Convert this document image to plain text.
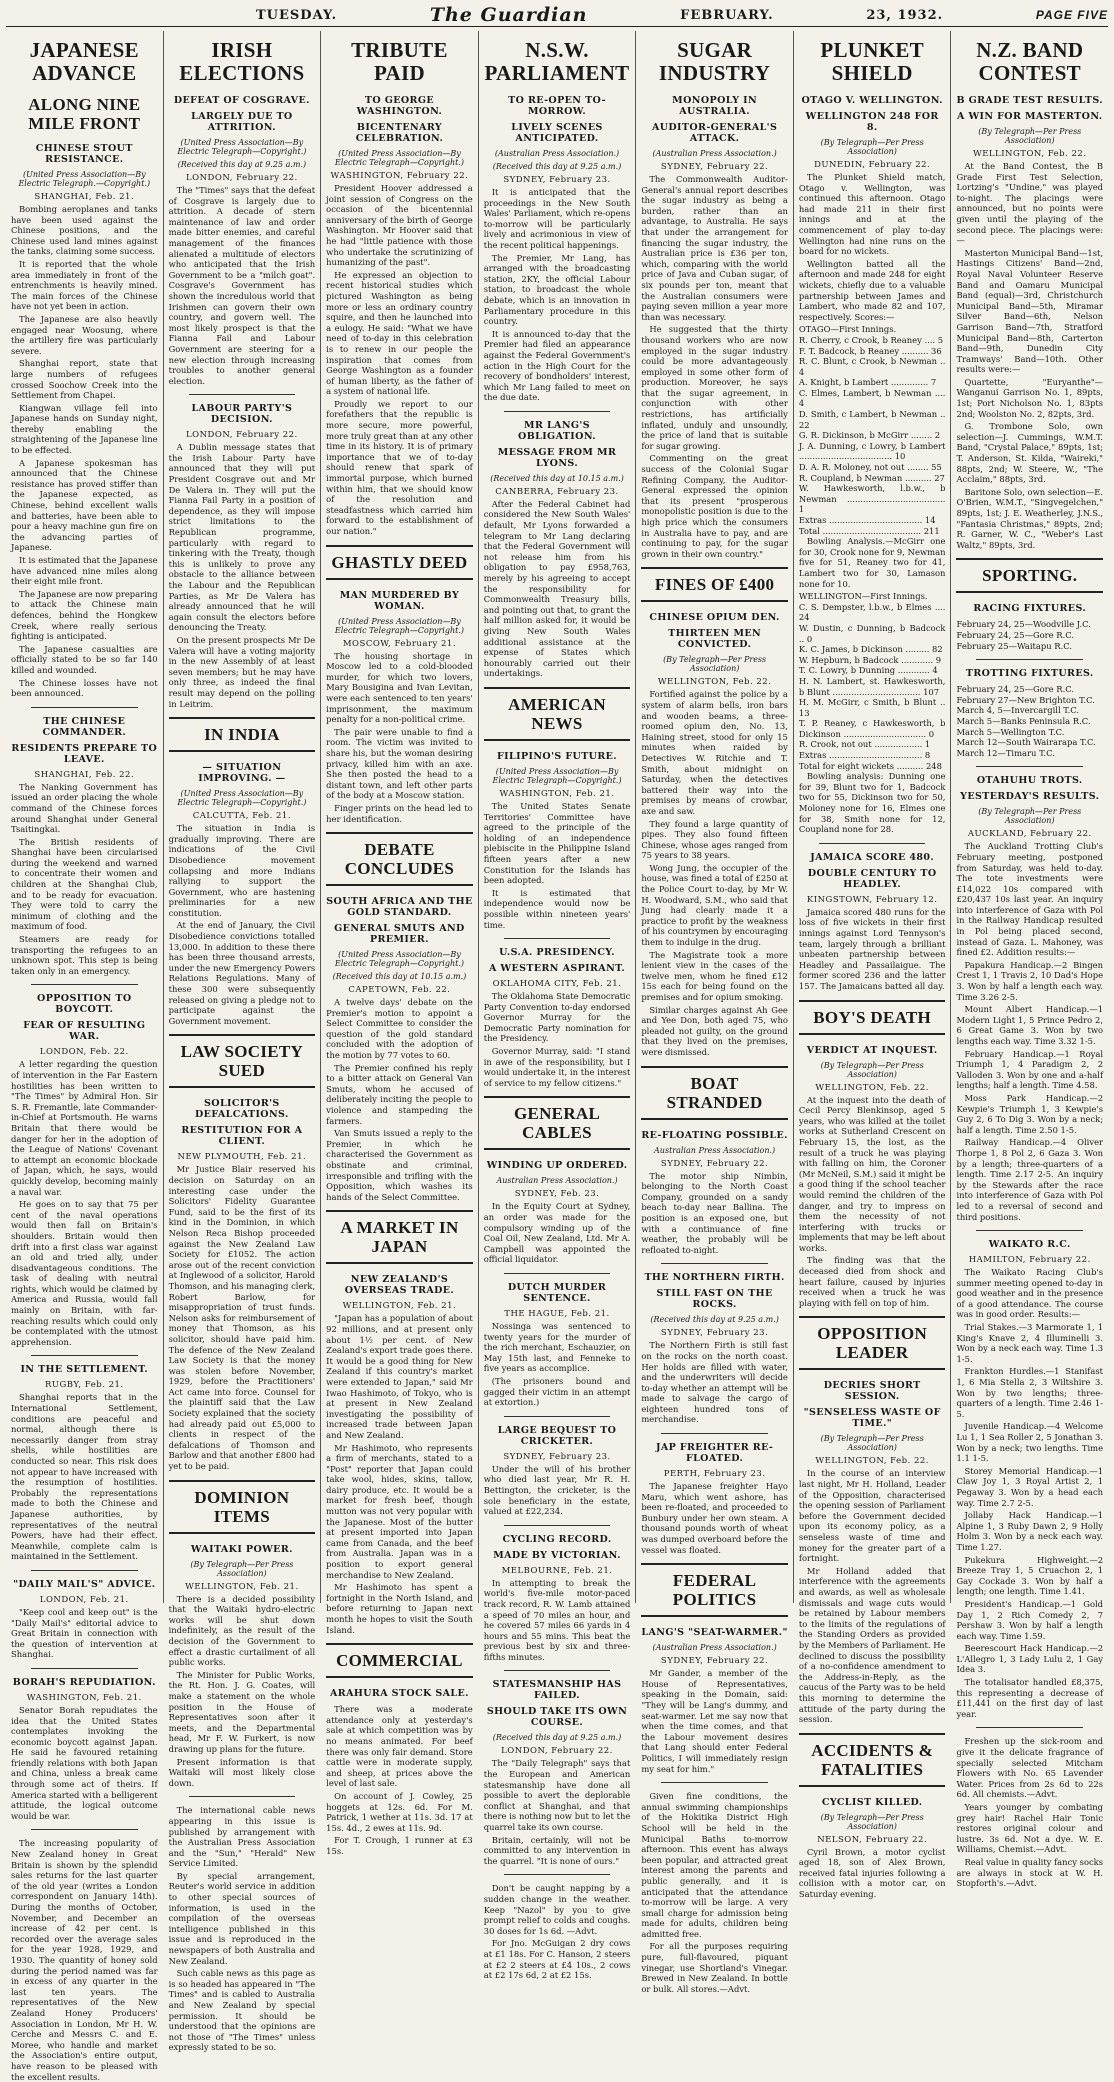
TUESDAY.	The Guardian	FEBRUARY.	23, 1932.	PAGE FIVE
JAPANESE ADVANCE
ALONG NINE MILE FRONT
CHINESE STOUT RESISTANCE.
(United Press Association—By Electric Telegraph.—Copyright.)
SHANGHAI, Feb. 21.
Bombing aeroplanes and tanks have been used against the Chinese positions, and the Chinese used land mines against the tanks, claiming some success.
It is reported that the whole area immediately in front of the entrenchments is heavily mined. The main forces of the Chinese have not yet been in action.
The Japanese are also heavily engaged near Woosung, where the artillery fire was particularly severe.
Shanghai report, state that large numbers of refugees crossed Soochow Creek into the Settlement from Chapei.
Kiangwan village fell into Japanese hands on Sunday night, thereby enabling the straightening of the Japanese line to be effected.
A Japanese spokesman has announced that the Chinese resistance has proved stiffer than the Japanese expected, as Chinese, behind excellent walls and batteries, have been able to pour a heavy machine gun fire on the advancing parties of Japanese.
It is estimated that the Japanese have advanced nine miles along their eight mile front.
The Japanese are now preparing to attack the Chinese main defences, behind the Hongkew Creek, where really serious fighting is anticipated.
The Japanese casualties are officially stated to be so far 140 killed and wounded.
The Chinese losses have not been announced.
THE CHINESE COMMANDER.
RESIDENTS PREPARE TO LEAVE.
SHANGHAI, Feb. 22.
The Nanking Government has issued an order placing the whole command of the Chinese forces around Shanghai under General Tsaitingkai.
The British residents of Shanghai have been circularised during the weekend and warned to concentrate their women and children at the Shanghai Club, and to be ready for evacuation. They were told to carry the minimum of clothing and the maximum of food.
Steamers are ready for transporting the refugees to an unknown spot. This step is being taken only in an emergency.
OPPOSITION TO BOYCOTT.
FEAR OF RESULTING WAR.
LONDON, Feb. 22.
A letter regarding the question of intervention in the Far Eastern hostilities has been written to "The Times" by Admiral Hon. Sir S. R. Fremantle, late Commander-in-Chief at Portsmouth. He warns Britain that there would be danger for her in the adoption of the League of Nations' Covenant to attempt an economic blockade of Japan, which, he says, would quickly develop, becoming mainly a naval war.
He goes on to say that 75 per cent of the naval operations would then fall on Britain's shoulders. Britain would then drift into a first class war against an old and tried ally, under disadvantageous conditions. The task of dealing with neutral rights, which would be claimed by America and Russia, would fall mainly on Britain, with far-reaching results which could only be contemplated with the utmost apprehension.
IN THE SETTLEMENT.
RUGBY, Feb. 21.
Shanghai reports that in the International Settlement, conditions are peaceful and normal, although there is necessarily danger from stray shells, while hostilities are conducted so near. This risk does not appear to have increased with the resumption of hostilities. Probably the representations made to both the Chinese and Japanese authorities, by representatives of the neutral Powers, have had their effect. Meanwhile, complete calm is maintained in the Settlement.
"DAILY MAIL'S" ADVICE.
LONDON, Feb. 21.
"Keep cool and keep out" is the "Daily Mail's" editorial advice to Great Britain in connection with the question of intervention at Shanghai.
BORAH'S REPUDIATION.
WASHINGTON, Feb. 21.
Senator Borah repudiates the idea that the United States contemplates invoking the economic boycott against Japan. He said he favoured retaining friendly relations with both Japan and China, unless a break came through some act of theirs. If America started with a belligerent attitude, the logical outcome would be war.
The increasing popularity of New Zealand honey in Great Britain is shown by the splendid sales returns for the last quarter of the old year (writes a London correspondent on January 14th). During the months of October, November, and December an increase of 42 per cent. is recorded over the average sales for the year 1928, 1929, and 1930. The quantity of honey sold during the period named was far in excess of any quarter in the last ten years. The representatives of the New Zealand Honey Producers' Association in London, Mr H. W. Cerche and Messrs C. and E. Moree, who handle and market the Association's entire output, have reason to be pleased with the excellent results.
IRISH ELECTIONS
DEFEAT OF COSGRAVE.
LARGELY DUE TO ATTRITION.
(United Press Association—By Electric Telegraph—Copyright.)
(Received this day at 9.25 a.m.)
LONDON, February 22.
The "Times" says that the defeat of Cosgrave is largely due to attrition. A decade of stern maintenance of law and order made bitter enemies, and careful management of the finances alienated a multitude of electors who anticipated that the Irish Government to be a "milch goat". Cosgrave's Government has shown the incredulous world that Irishmen can govern their own country, and govern well. The most likely prospect is that the Fianna Fail and Labour Government are steering for a new election through increasing troubles to another general election.
LABOUR PARTY'S DECISION.
LONDON, February 22.
A Dublin message states that the Irish Labour Party have announced that they will put President Cosgrave out and Mr De Valera in. They will put the Fianna Fail Party in a position of dependence, as they will impose strict limitations to the Republican programme, particularly with regard to tinkering with the Treaty, though this is unlikely to prove any obstacle to the alliance between the Labour and the Republican Parties, as Mr De Valera has already announced that he will again consult the electors before denouncing the Treaty.
On the present prospects Mr De Valera will have a voting majority in the new Assembly of at least seven members; but he may have only three, as indeed the final result may depend on the polling in Leitrim.
IN INDIA
— SITUATION IMPROVING. —
(United Press Association—By Electric Telegraph—Copyright.)
CALCUTTA, Feb. 21.
The situation in India is gradually improving. There are indications of the Civil Disobedience movement collapsing and more Indians rallying to support the Government, who are hastening preliminaries for a new constitution.
At the end of January, the Civil Disobedience convictions totalled 13,000. In addition to these there has been three thousand arrests, under the new Emergency Powers Relations Regulations. Many of these 300 were subsequently released on giving a pledge not to participate against the Government movement.
LAW SOCIETY SUED
SOLICITOR'S DEFALCATIONS.
RESTITUTION FOR A CLIENT.
NEW PLYMOUTH, Feb. 21.
Mr Justice Blair reserved his decision on Saturday on an interesting case under the Solicitors' Fidelity Guarantee Fund, said to be the first of its kind in the Dominion, in which Nelson Reca Bishop proceeded against the New Zealand Law Society for £1052. The action arose out of the recent conviction at Inglewood of a solicitor, Harold Thomson, and his managing clerk, Robert Barlow, for misappropriation of trust funds. Nelson asks for reimbursement of money that Thomson, as his solicitor, should have paid him. The defence of the New Zealand Law Society is that the money was stolen before November, 1929, before the Practitioners' Act came into force. Counsel for the plaintiff said that the Law Society explained that the society had already paid out £5,000 to clients in respect of the defalcations of Thomson and Barlow and that another £800 had yet to be paid.
DOMINION ITEMS
WAITAKI POWER.
(By Telegraph—Per Press Association)
WELLINGTON, Feb. 21.
There is a decided possibility that the Waitaki hydro-electric works will be shut down indefinitely, as the result of the decision of the Government to effect a drastic curtailment of all public works.
The Minister for Public Works, the Rt. Hon. J. G. Coates, will make a statement on the whole position in the House of Representatives soon after it meets, and the Departmental head, Mr F. W. Furkert, is now drawing up plans for the future.
Present information is that Waitaki will most likely close down.
The international cable news appearing in this issue is published by arrangement with the Australian Press Association and the "Sun," "Herald" New Service Limited.
By special arrangement, Reuter's world service in addition to other special sources of information, is used in the compilation of the overseas intelligence published in this issue and is reproduced in the newspapers of both Australia and New Zealand.
Such cable news as this page as is so headed has appeared in "The Times" and is cabled to Australia and New Zealand by special permission. It should be understood that the opinions are not those of "The Times" unless expressly stated to be so.
TRIBUTE PAID
TO GEORGE WASHINGTON.
BICENTENARY CELEBRATION.
(United Press Association—By Electric Telegraph—Copyright.)
WASHINGTON, February 22.
President Hoover addressed a joint session of Congress on the occasion of the bicentennial anniversary of the birth of George Washington. Mr Hoover said that he had "little patience with those who undertake the scrutinizing of humanizing of the past".
He expressed an objection to recent historical studies which pictured Washington as being more or less an ordinary country squire, and then he launched into a eulogy. He said: "What we have need of to-day in this celebration is to renew in our people the inspiration that comes from George Washington as a founder of human liberty, as the father of a system of national life.
Proudly we report to our forefathers that the republic is more secure, more powerful, more truly great than at any other time in its history. It is of primary importance that we of to-day should renew that spark of immortal purpose, which burned within him, that we should know of the resolution and steadfastness which carried him forward to the establishment of our nation."
GHASTLY DEED
MAN MURDERED BY WOMAN.
(United Press Association—By Electric Telegraph—Copyright.)
MOSCOW, February 21.
The housing shortage in Moscow led to a cold-blooded murder, for which two lovers, Mary Bousigina and Ivan Levitan, were each sentenced to ten years' imprisonment, the maximum penalty for a non-political crime.
The pair were unable to find a room. The victim was invited to share his, but the woman desiring privacy, killed him with an axe. She then posted the head to a distant town, and left other parts of the body at a Moscow station.
Finger prints on the head led to her identification.
DEBATE CONCLUDES
SOUTH AFRICA AND THE GOLD STANDARD.
GENERAL SMUTS AND PREMIER.
(United Press Association—By Electric Telegraph—Copyright.)
(Received this day at 10.15 a.m.)
CAPETOWN, Feb. 22.
A twelve days' debate on the Premier's motion to appoint a Select Committee to consider the question of the gold standard concluded with the adoption of the motion by 77 votes to 60.
The Premier confined his reply to a bitter attack on General Van Smuts, whom he accused of deliberately inciting the people to violence and stampeding the farmers.
Van Smuts issued a reply to the Premier, in which he characterised the Government as obstinate and criminal, irresponsible and trifling with the Opposition, which washes its hands of the Select Committee.
A MARKET IN JAPAN
NEW ZEALAND'S OVERSEAS TRADE.
WELLINGTON, Feb. 21.
"Japan has a population of about 92 millions, and at present only about 1½ per cent. of New Zealand's export trade goes there. It would be a good thing for New Zealand if this country's market were extended to Japan," said Mr Iwao Hashimoto, of Tokyo, who is at present in New Zealand investigating the possibility of increased trade between Japan and New Zealand.
Mr Hashimoto, who represents a firm of merchants, stated to a "Post" reporter that Japan could take wool, hides, skins, tallow, dairy produce, etc. It would be a market for fresh beef, though mutton was not very popular with the Japanese. Most of the butter at present imported into Japan came from Canada, and the beef from Australia. Japan was in a position to export general merchandise to New Zealand.
Mr Hashimoto has spent a fortnight in the North Island, and before returning to Japan next month he hopes to visit the South Island.
COMMERCIAL
ARAHURA STOCK SALE.
There was a moderate attendance only at yesterday's sale at which competition was by no means animated. For beef there was only fair demand. Store cattle were in moderate supply, and sheep, at prices above the level of last sale.
On account of J. Cowley, 25 hoggets at 12s. 6d. For M. Patrick, 1 wether at 11s. 3d. 17 at 15s. 4d., 2 ewes at 11s. 9d.
For T. Crough, 1 runner at £3 15s.
N.S.W. PARLIAMENT
TO RE-OPEN TO-MORROW.
LIVELY SCENES ANTICIPATED.
(Australian Press Association.)
(Received this day at 9.25 a.m.)
SYDNEY, February 23.
It is anticipated that the proceedings in the New South Wales' Parliament, which re-opens to-morrow will be particularly lively and acrimonious in view of the recent political happenings.
The Premier, Mr Lang, has arranged with the broadcasting station, 2KY, the official Labour station, to broadcast the whole debate, which is an innovation in Parliamentary procedure in this country.
It is announced to-day that the Premier had filed an appearance against the Federal Government's action in the High Court for the recovery of bondholders' interest, which Mr Lang failed to meet on the due date.
MR LANG'S OBLIGATION.
MESSAGE FROM MR LYONS.
(Received this day at 10.15 a.m.)
CANBERRA, February 23.
After the Federal Cabinet had considered the New South Wales' default, Mr Lyons forwarded a telegram to Mr Lang declaring that the Federal Government will not release him from his obligation to pay £958,763, merely by his agreeing to accept the responsibility for Commonwealth Treasury bills, and pointing out that, to grant the half million asked for, it would be giving New South Wales additional assistance at the expense of States which honourably carried out their undertakings.
AMERICAN NEWS
FILIPINO'S FUTURE.
(United Press Association—By Electric Telegraph—Copyright.)
WASHINGTON, Feb. 21.
The United States Senate Territories' Committee have agreed to the principle of the holding of an independence plebiscite in the Philippine Island fifteen years after a new Constitution for the Islands has been adopted.
It is estimated that independence would now be possible within nineteen years' time.
U.S.A. PRESIDENCY.
A WESTERN ASPIRANT.
OKLAHOMA CITY, Feb. 21.
The Oklahoma State Democratic Party Convention to-day endorsed Governor Murray for the Democratic Party nomination for the Presidency.
Governor Murray, said: "I stand in awe of the responsibility, but I would undertake it, in the interest of service to my fellow citizens."
GENERAL CABLES
WINDING UP ORDERED.
Australian Press Association.)
SYDNEY, Feb. 23.
In the Equity Court at Sydney, an order was made for the compulsory winding up of the Coal Oil, New Zealand, Ltd. Mr A. Campbell was appointed the official liquidator.
DUTCH MURDER SENTENCE.
THE HAGUE, Feb. 21.
Nossinga was sentenced to twenty years for the murder of the rich merchant, Eschauzier, on May 15th last, and Fenneke to five years as accomplice.
(The prisoners bound and gagged their victim in an attempt at extortion.)
LARGE BEQUEST TO CRICKETER.
SYDNEY, February 23.
Under the will of his brother who died last year, Mr R. H. Bettington, the cricketer, is the sole beneficiary in the estate, valued at £22,234.
CYCLING RECORD.
MADE BY VICTORIAN.
MELBOURNE, Feb. 21.
In attempting to break the world's five-mile motor-paced track record, R. W. Lamb attained a speed of 70 miles an hour, and he covered 57 miles 66 yards in 4 hours and 55 mins. This beat the previous best by six and three-fifths minutes.
STATESMANSHIP HAS FAILED.
SHOULD TAKE ITS OWN COURSE.
(Received this day at 9.25 a.m.)
LONDON, February 22.
The "Daily Telegraph" says that the European and American statesmanship have done all possible to avert the deplorable conflict at Shanghai, and that there is nothing now but to let the quarrel take its own course.
Britain, certainly, will not be committed to any intervention in the quarrel. "It is none of ours."
Don't be caught napping by a sudden change in the weather. Keep "Nazol" by you to give prompt relief to colds and coughs. 30 doses for 1s 6d. —Advt.
For Jno. McGuigan 2 dry cows at £1 18s. For C. Hanson, 2 steers at £2 2 steers at £4 10s., 2 cows at £2 17s 6d, 2 at £2 15s.
SUGAR INDUSTRY
MONOPOLY IN AUSTRALIA.
AUDITOR-GENERAL'S ATTACK.
(Australian Press Association.)
SYDNEY, February 22.
The Commonwealth Auditor-General's annual report describes the sugar industry as being a burden, rather than an advantage, to Australia. He says that under the arrangement for financing the sugar industry, the Australian price is £36 per ton, which, comparing with the world price of Java and Cuban sugar, of six pounds per ton, meant that the Australian consumers were paying seven million a year more than was necessary.
He suggested that the thirty thousand workers who are now employed in the sugar industry could be more advantageously employed in some other form of production. Moreover, he says that the sugar agreement, in conjunction with other restrictions, has artificially inflated, unduly and unsoundly, the price of land that is suitable for sugar growing.
Commenting on the great success of the Colonial Sugar Refining Company, the Auditor-General expressed the opinion that its present "prosperous monopolistic position is due to the high price which the consumers in Australia have to pay, and are continuing to pay, for the sugar grown in their own country."
FINES OF £400
CHINESE OPIUM DEN.
THIRTEEN MEN CONVICTED.
(By Telegraph—Per Press Association)
WELLINGTON, Feb. 22.
Fortified against the police by a system of alarm bells, iron bars and wooden beams, a three-roomed opium den, No. 13, Haining street, stood for only 15 minutes when raided by Detectives W. Ritchie and T. Smith, about midnight on Saturday, when the detectives battered their way into the premises by means of crowbar, axe and saw.
They found a large quantity of pipes. They also found fifteen Chinese, whose ages ranged from 75 years to 38 years.
Wong Jung, the occupier of the house, was fined a total of £250 at the Police Court to-day, by Mr W. H. Woodward, S.M., who said that Jung had clearly made it a practice to profit by the weakness of his countrymen by encouraging them to indulge in the drug.
The Magistrate took a more lenient view in the cases of the twelve men, whom he fined £12 15s each for being found on the premises and for opium smoking.
Similar charges against Ah Gee and Yee Don, both aged 75, who pleaded not guilty, on the ground that they lived on the premises, were dismissed.
BOAT STRANDED
RE-FLOATING POSSIBLE.
Australian Press Association.)
SYDNEY, February 22.
The motor ship Nimbin, belonging to the North Coast Company, grounded on a sandy beach to-day near Ballina. The position is an exposed one, but with a continuance of fine weather, the probably will be refloated to-night.
THE NORTHERN FIRTH.
STILL FAST ON THE ROCKS.
(Received this day at 9.25 a.m.)
SYDNEY, February 23.
The Northern Firth is still fast on the rocks on the north coast. Her holds are filled with water, and the underwriters will decide to-day whether an attempt will be made to salvage the cargo of eighteen hundred tons of merchandise.
JAP FREIGHTER RE-FLOATED.
PERTH, February 23.
The Japanese freighter Hayo Maru, which went ashore, has been re-floated, and proceeded to Bunbury under her own steam. A thousand pounds worth of wheat was dumped overboard before the vessel was floated.
FEDERAL POLITICS
LANG'S "SEAT-WARMER."
(Australian Press Association.)
SYDNEY, February 22.
Mr Gander, a member of the House of Representatives, speaking in the Domain, said: "They will be Lang's dummy, and seat-warmer. Let me say now that when the time comes, and that the Labour movement desires that Lang should enter Federal Politics, I will immediately resign my seat for him."
Given fine conditions, the annual swimming championships of the Hokitika District High School will be held in the Municipal Baths to-morrow afternoon. This event has always been popular, and attracted great interest among the parents and public generally, and it is anticipated that the attendance to-morrow will be large. A very small charge for admission being made for adults, children being admitted free.
For all the purposes requiring pure, full-flavoured, piquant vinegar, use Shortland's Vinegar. Brewed in New Zealand. In bottle or bulk. All stores.—Advt.
PLUNKET SHIELD
OTAGO V. WELLINGTON.
WELLINGTON 248 FOR 8.
(By Telegraph—Per Press Association)
DUNEDIN, February 22.
The Plunket Shield match, Otago v. Wellington, was continued this afternoon. Otago had made 211 in their first innings and at the commencement of play to-day Wellington had nine runs on the board for no wickets.
Wellington batted all the afternoon and made 248 for eight wickets, chiefly due to a valuable partnership between James and Lambert, who made 82 and 107, respectively. Scores:—
OTAGO—First Innings.
R. Cherry, c Crook, b Reaney .... 5
F. T. Badcock, b Reaney .......... 36
R. C. Blunt, c Crook, b Newman .. 4
A. Knight, b Lambert .............. 7
C. Elmes, Lambert, b Newman .... 4
D. Smith, c Lambert, b Newman .. 22
G. R. Dickinson, b McGirr ........ 2
J. A. Dunning, c Lowry, b Lambert ................................... 10
D. A. R. Moloney, not out ........ 55
R. Coupland, b Newman .......... 27
W. Hawkesworth, l.b.w., b Newman ..................................... 1
Extras ................................... 14
Total ..................................... 211
Bowling Analysis.—McGirr one for 30, Crook none for 9, Newman five for 51, Reaney two for 41, Lambert two for 30, Lamason none for 10.
WELLINGTON—First Innings.
C. S. Dempster, l.b.w., b Elmes .... 24
W. Dustin, c Dunning, b Badcock .. 0
K. C. James, b Dickinson ......... 82
W. Hepburn, b Badcock ............ 9
T. C. Lowry, b Dunning ............ 4
H. N. Lambert, st. Hawkesworth, b Blunt ................................. 107
H. M. McGirr, c Smith, b Blunt .. 13
T. P. Reaney, c Hawkesworth, b Dickinson ............................... 0
R. Crook, not out .................. 1
Extras ................................... 8
Total for eight wickets .......... 248
Bowling analysis: Dunning one for 39, Blunt two for 1, Badcock two for 55, Dickinson two for 50, Moloney none for 16, Elmes one for 38, Smith none for 12, Coupland none for 28.
JAMAICA SCORE 480.
DOUBLE CENTURY TO HEADLEY.
KINGSTOWN, February 12.
Jamaica scored 480 runs for the loss of five wickets in their first innings against Lord Tennyson's team, largely through a brilliant unbeaten partnership between Headley and Passailaigue. The former scored 236 and the latter 157. The Jamaicans batted all day.
BOY'S DEATH
VERDICT AT INQUEST.
(By Telegraph—Per Press Association)
WELLINGTON, Feb. 22.
At the inquest into the death of Cecil Percy Blenkinsop, aged 5 years, who was killed at the toilet works at Sutherland Crescent on February 15, the lost, as the result of a truck he was playing with falling on him, the Coroner (Mr McNeil, S.M.) said it might be a good thing if the school teacher would remind the children of the danger, and try to impress on them the necessity of not interfering with trucks or implements that may be left about works.
The finding was that the deceased died from shock and heart failure, caused by injuries received when a truck he was playing with fell on top of him.
OPPOSITION LEADER
DECRIES SHORT SESSION.
"SENSELESS WASTE OF TIME."
(By Telegraph—Per Press Association)
WELLINGTON, Feb. 22.
In the course of an interview last night, Mr H. Holland, Leader of the Opposition, characterised the opening session of Parliament before the Government decided upon its economy policy, as a senseless waste of time and money for the greater part of a fortnight.
Mr Holland added that interference with the agreements and awards, as well as wholesale dismissals and wage cuts would be retained by Labour members to the limits of the regulations of the Standing Orders as provided by the Members of Parliament. He declined to discuss the possibility of a no-confidence amendment to the Address-in-Reply, as the caucus of the Party was to be held this morning to determine the attitude of the party during the session.
ACCIDENTS & FATALITIES
CYCLIST KILLED.
(By Telegraph—Per Press Association)
NELSON, February 22.
Cyril Brown, a motor cyclist aged 18, son of Alex Brown, received fatal injuries following a collision with a motor car, on Saturday evening.
N.Z. BAND CONTEST
B GRADE TEST RESULTS.
A WIN FOR MASTERTON.
(By Telegraph—Per Press Association)
WELLINGTON, Feb. 22.
At the Band Contest, the B Grade First Test Selection, Lortzing's "Undine," was played to-night. The placings were announced, but no points were given until the playing of the second piece. The placings were:—
Masterton Municipal Band—1st, Hastings Citizens' Band—2nd, Royal Naval Volunteer Reserve Band and Oamaru Municipal Band (equal)—3rd, Christchurch Municipal Band—5th, Miramar Silver Band—6th, Nelson Garrison Band—7th, Stratford Municipal Band—8th, Carterton Band—9th, Dunedin City Tramways' Band—10th. Other results were:—
Quartette, "Euryanthe"—Wanganui Garrison No. 1, 89pts, 1st; Port Nicholson No. 1, 83pts 2nd; Woolston No. 2, 82pts, 3rd.
G. Trombone Solo, own selection—J. Cummings, W.M.T. Band, "Crystal Palace," 89pts, 1st; T. Anderson, St. Kilda, "Waireki," 88pts, 2nd; W. Steere, W., "The Acclaim," 88pts, 3rd.
Baritone Solo, own selection—E. O'Brien, W.M.T., "Singvegelchen," 89pts, 1st; J. E. Weatherley, J.N.S., "Fantasia Christmas," 89pts, 2nd; R. Garner, W. C., "Weber's Last Waltz," 89pts, 3rd.
SPORTING.
RACING FIXTURES.
February 24, 25—Woodville J.C.
February 24, 25—Gore R.C.
February 25—Waitapu R.C.
TROTTING FIXTURES.
February 24, 25—Gore R.C.
February 27—New Brighton T.C.
March 4, 5—Invercargill T.C.
March 5—Banks Peninsula R.C.
March 5—Wellington T.C.
March 12—South Wairarapa T.C.
March 12—Timaru T.C.
OTAHUHU TROTS.
YESTERDAY'S RESULTS.
(By Telegraph—Per Press Association)
AUCKLAND, February 22.
The Auckland Trotting Club's February meeting, postponed from Saturday, was held to-day. The tote investments were £14,022 10s compared with £20,437 10s last year. An inquiry into interference of Gaza with Pol in the Railway Handicap resulted in Pol being placed second, instead of Gaza. L. Mahoney, was fined £2. Addition results:—
Papakura Handicap.—2 Bingen Crest 1, 1 Travis 2, 10 Dad's Hope 3. Won by half a length each way. Time 3.26 2-5.
Mount Albert Handicap.—1 Modern Light 1, 5 Prince Pedro 2, 6 Great Game 3. Won by two lengths each way. Time 3.32 1-5.
February Handicap.—1 Royal Triumph 1, 4 Paradigm 2, 2 Valloden 3. Won by one and a-half lengths; half a length. Time 4.58.
Moss Park Handicap.—2 Kewpie's Triumph 1, 3 Kewpie's Guy 2, 6 To Dig 3. Won by a neck; half a length. Time 2.50 1-5.
Railway Handicap.—4 Oliver Thorpe 1, 8 Pol 2, 6 Gaza 3. Won by a length; three-quarters of a length. Time 2.17 2-5. An inquiry by the Stewards after the race into interference of Gaza with Pol led to a reversal of second and third positions.
WAIKATO R.C.
HAMILTON, February 22.
The Waikato Racing Club's summer meeting opened to-day in good weather and in the presence of a good attendance. The course was in good order. Results:—
Trial Stakes.—3 Marmorate 1, 1 King's Knave 2, 4 Illuminelli 3. Won by a neck each way. Time 1.3 1-5.
Frankton Hurdles.—1 Stanifast 1, 6 Mia Stella 2, 3 Wiltshire 3. Won by two lengths; three-quarters of a length. Time 2.46 1-5.
Juvenile Handicap.—4 Welcome Lu 1, 1 Sea Roller 2, 5 Jonathan 3. Won by a neck; two lengths. Time 1.1 1-5.
Storey Memorial Handicap.—1 Claw Joy 1, 3 Royal Artist 2, 1 Pegaway 3. Won by a head each way. Time 2.7 2-5.
Jollaby Hack Handicap.—1 Alpine 1, 3 Ruby Dawn 2, 9 Holly Holm 3. Won by a neck each way. Time 1.27.
Pukekura Highweight.—2 Breeze Tray 1, 5 Cruachon 2, 1 Gay Cockade 3. Won by half a length; one length. Time 1.41.
President's Handicap.—1 Gold Day 1, 2 Rich Comedy 2, 7 Pershaw 3. Won by half a length each way. Time 1.59.
Beerescourt Hack Handicap.—2 L'Allegro 1, 3 Lady Lulu 2, 1 Gay Idea 3.
The totalisator handled £8,375, this representing a decrease of £11,441 on the first day of last year.
Freshen up the sick-room and give it the delicate fragrance of specially selected Mitcham Flowers with No. 65 Lavender Water. Prices from 2s 6d to 22s 6d. All chemists.—Advt.
Years younger by combating grey hair! Rachel Hair Tonic restores original colour and lustre. 3s 6d. Not a dye. W. E. Williams, Chemist.—Advt.
Real value in quality fancy socks are always in stock at W. H. Stopforth's.—Advt.
